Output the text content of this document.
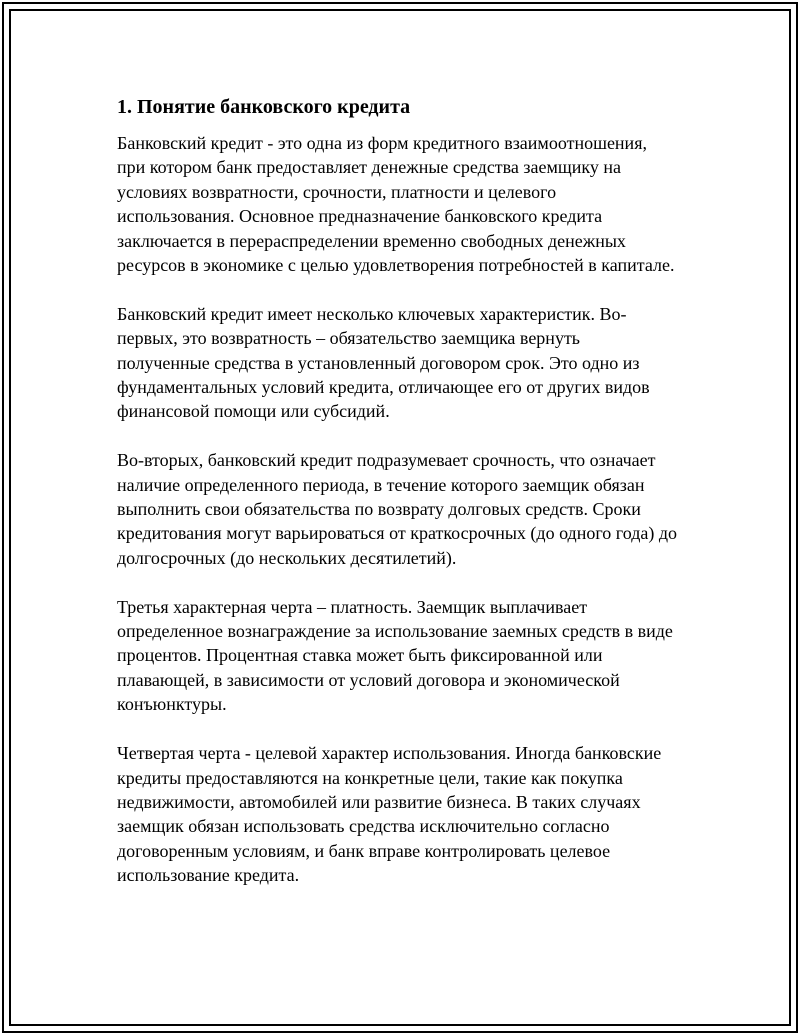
1. Понятие банковского кредита

Банковский кредит - это одна из форм кредитного взаимоотношения, при котором банк предоставляет денежные средства заемщику на условиях возвратности, срочности, платности и целевого использования. Основное предназначение банковского кредита заключается в перераспределении временно свободных денежных ресурсов в экономике с целью удовлетворения потребностей в капитале.

Банковский кредит имеет несколько ключевых характеристик. Во-первых, это возвратность – обязательство заемщика вернуть полученные средства в установленный договором срок. Это одно из фундаментальных условий кредита, отличающее его от других видов финансовой помощи или субсидий.

Во-вторых, банковский кредит подразумевает срочность, что означает наличие определенного периода, в течение которого заемщик обязан выполнить свои обязательства по возврату долговых средств. Сроки кредитования могут варьироваться от краткосрочных (до одного года) до долгосрочных (до нескольких десятилетий).

Третья характерная черта – платность. Заемщик выплачивает определенное вознаграждение за использование заемных средств в виде процентов. Процентная ставка может быть фиксированной или плавающей, в зависимости от условий договора и экономической конъюнктуры.

Четвертая черта - целевой характер использования. Иногда банковские кредиты предоставляются на конкретные цели, такие как покупка недвижимости, автомобилей или развитие бизнеса. В таких случаях заемщик обязан использовать средства исключительно согласно договоренным условиям, и банк вправе контролировать целевое использование кредита.
